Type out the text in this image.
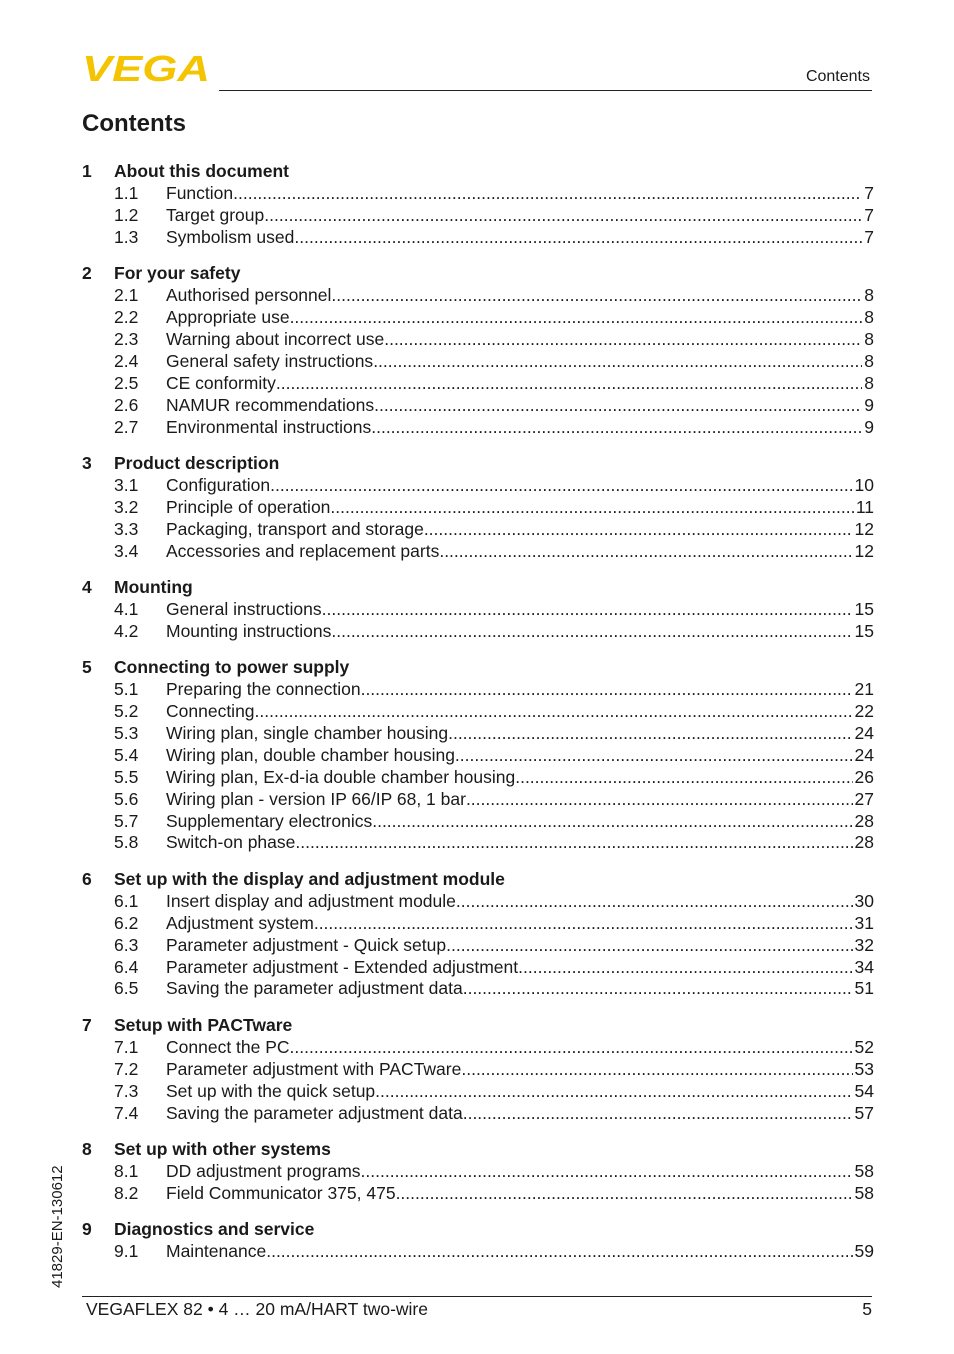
VEGA	Contents
Contents
1	About this document
1.1	Function .....	7
1.2	Target group .....	7
1.3	Symbolism used .....	7
2	For your safety
2.1	Authorised personnel .....	8
2.2	Appropriate use .....	8
2.3	Warning about incorrect use .....	8
2.4	General safety instructions .....	8
2.5	CE conformity .....	8
2.6	NAMUR recommendations .....	9
2.7	Environmental instructions .....	9
3	Product description
3.1	Configuration .....	10
3.2	Principle of operation .....	11
3.3	Packaging, transport and storage .....	12
3.4	Accessories and replacement parts .....	12
4	Mounting
4.1	General instructions .....	15
4.2	Mounting instructions .....	15
5	Connecting to power supply
5.1	Preparing the connection .....	21
5.2	Connecting .....	22
5.3	Wiring plan, single chamber housing .....	24
5.4	Wiring plan, double chamber housing .....	24
5.5	Wiring plan, Ex-d-ia double chamber housing .....	26
5.6	Wiring plan - version IP 66/IP 68, 1 bar .....	27
5.7	Supplementary electronics .....	28
5.8	Switch-on phase .....	28
6	Set up with the display and adjustment module
6.1	Insert display and adjustment module .....	30
6.2	Adjustment system .....	31
6.3	Parameter adjustment - Quick setup .....	32
6.4	Parameter adjustment - Extended adjustment .....	34
6.5	Saving the parameter adjustment data .....	51
7	Setup with PACTware
7.1	Connect the PC .....	52
7.2	Parameter adjustment with PACTware .....	53
7.3	Set up with the quick setup .....	54
7.4	Saving the parameter adjustment data .....	57
8	Set up with other systems
8.1	DD adjustment programs .....	58
8.2	Field Communicator 375, 475 .....	58
9	Diagnostics and service
9.1	Maintenance .....	59
41829-EN-130612
VEGAFLEX 82 • 4 … 20 mA/HART two-wire	5
